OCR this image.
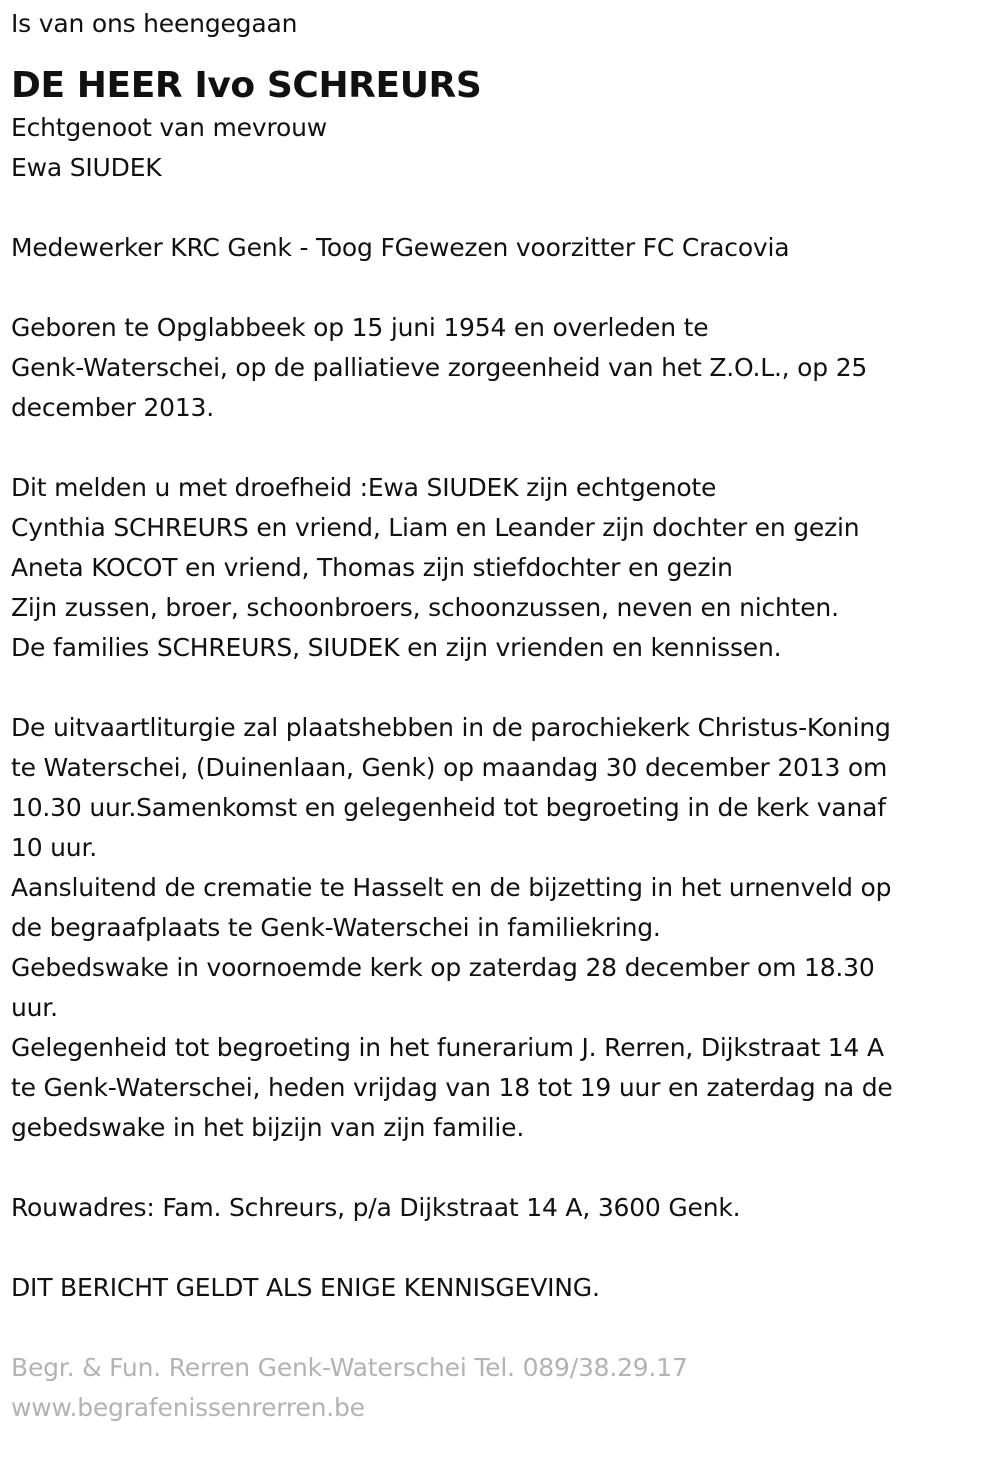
Is van ons heengegaan
DE HEER Ivo SCHREURS
Echtgenoot van mevrouw
Ewa SIUDEK
Medewerker KRC Genk - Toog FGewezen voorzitter FC Cracovia
Geboren te Opglabbeek op 15 juni 1954 en overleden te
Genk-Waterschei, op de palliatieve zorgeenheid van het Z.O.L., op 25
december 2013.
Dit melden u met droefheid :Ewa SIUDEK zijn echtgenote
Cynthia SCHREURS en vriend, Liam en Leander zijn dochter en gezin
Aneta KOCOT en vriend, Thomas zijn stiefdochter en gezin
Zijn zussen, broer, schoonbroers, schoonzussen, neven en nichten.
De families SCHREURS, SIUDEK en zijn vrienden en kennissen.
De uitvaartliturgie zal plaatshebben in de parochiekerk Christus-Koning
te Waterschei, (Duinenlaan, Genk) op maandag 30 december 2013 om
10.30 uur.Samenkomst en gelegenheid tot begroeting in de kerk vanaf
10 uur.
Aansluitend de crematie te Hasselt en de bijzetting in het urnenveld op
de begraafplaats te Genk-Waterschei in familiekring.
Gebedswake in voornoemde kerk op zaterdag 28 december om 18.30
uur.
Gelegenheid tot begroeting in het funerarium J. Rerren, Dijkstraat 14 A
te Genk-Waterschei, heden vrijdag van 18 tot 19 uur en zaterdag na de
gebedswake in het bijzijn van zijn familie.
Rouwadres: Fam. Schreurs, p/a Dijkstraat 14 A, 3600 Genk.
DIT BERICHT GELDT ALS ENIGE KENNISGEVING.
Begr. & Fun. Rerren Genk-Waterschei Tel. 089/38.29.17
www.begrafenissenrerren.be
